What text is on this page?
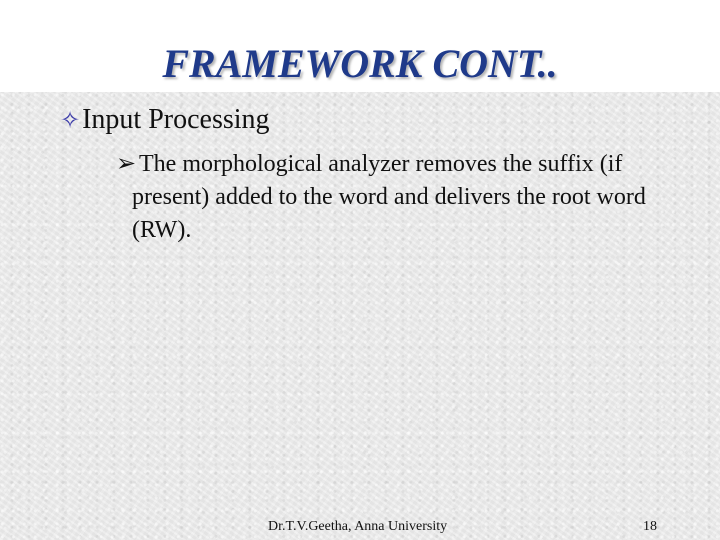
FRAMEWORK CONT..
✧ Input Processing
➢ The morphological analyzer removes the suffix (if present) added to the word and delivers the root word (RW).
Dr.T.V.Geetha, Anna University	18
